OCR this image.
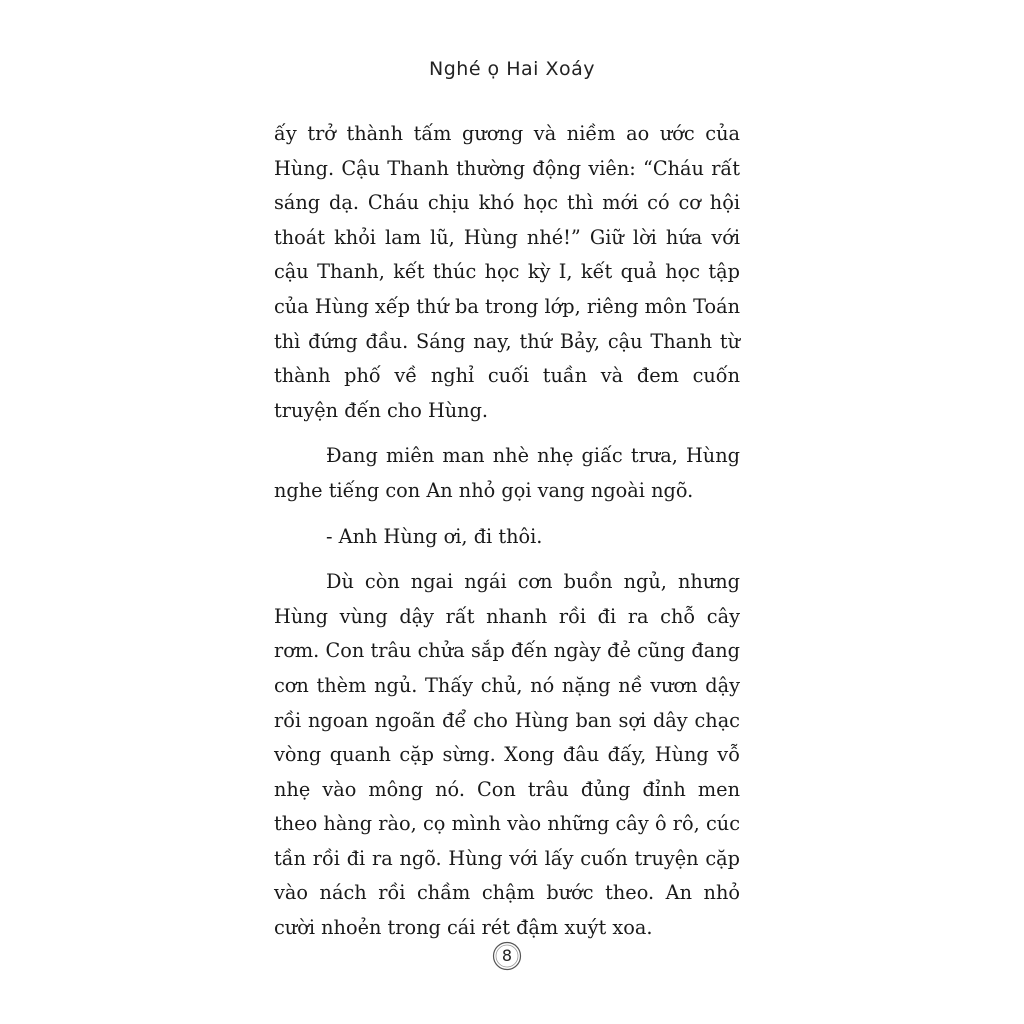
Nghé ọ Hai Xoáy

ấy trở thành tấm gương và niềm ao ước của Hùng. Cậu Thanh thường động viên: “Cháu rất sáng dạ. Cháu chịu khó học thì mới có cơ hội thoát khỏi lam lũ, Hùng nhé!” Giữ lời hứa với cậu Thanh, kết thúc học kỳ I, kết quả học tập của Hùng xếp thứ ba trong lớp, riêng môn Toán thì đứng đầu. Sáng nay, thứ Bảy, cậu Thanh từ thành phố về nghỉ cuối tuần và đem cuốn truyện đến cho Hùng.

Đang miên man nhè nhẹ giấc trưa, Hùng nghe tiếng con An nhỏ gọi vang ngoài ngõ.

- Anh Hùng ơi, đi thôi.

Dù còn ngai ngái cơn buồn ngủ, nhưng Hùng vùng dậy rất nhanh rồi đi ra chỗ cây rơm. Con trâu chửa sắp đến ngày đẻ cũng đang cơn thèm ngủ. Thấy chủ, nó nặng nề vươn dậy rồi ngoan ngoãn để cho Hùng ban sợi dây chạc vòng quanh cặp sừng. Xong đâu đấy, Hùng vỗ nhẹ vào mông nó. Con trâu đủng đỉnh men theo hàng rào, cọ mình vào những cây ô rô, cúc tần rồi đi ra ngõ. Hùng với lấy cuốn truyện cặp vào nách rồi chầm chậm bước theo. An nhỏ cười nhoẻn trong cái rét đậm xuýt xoa.

8
